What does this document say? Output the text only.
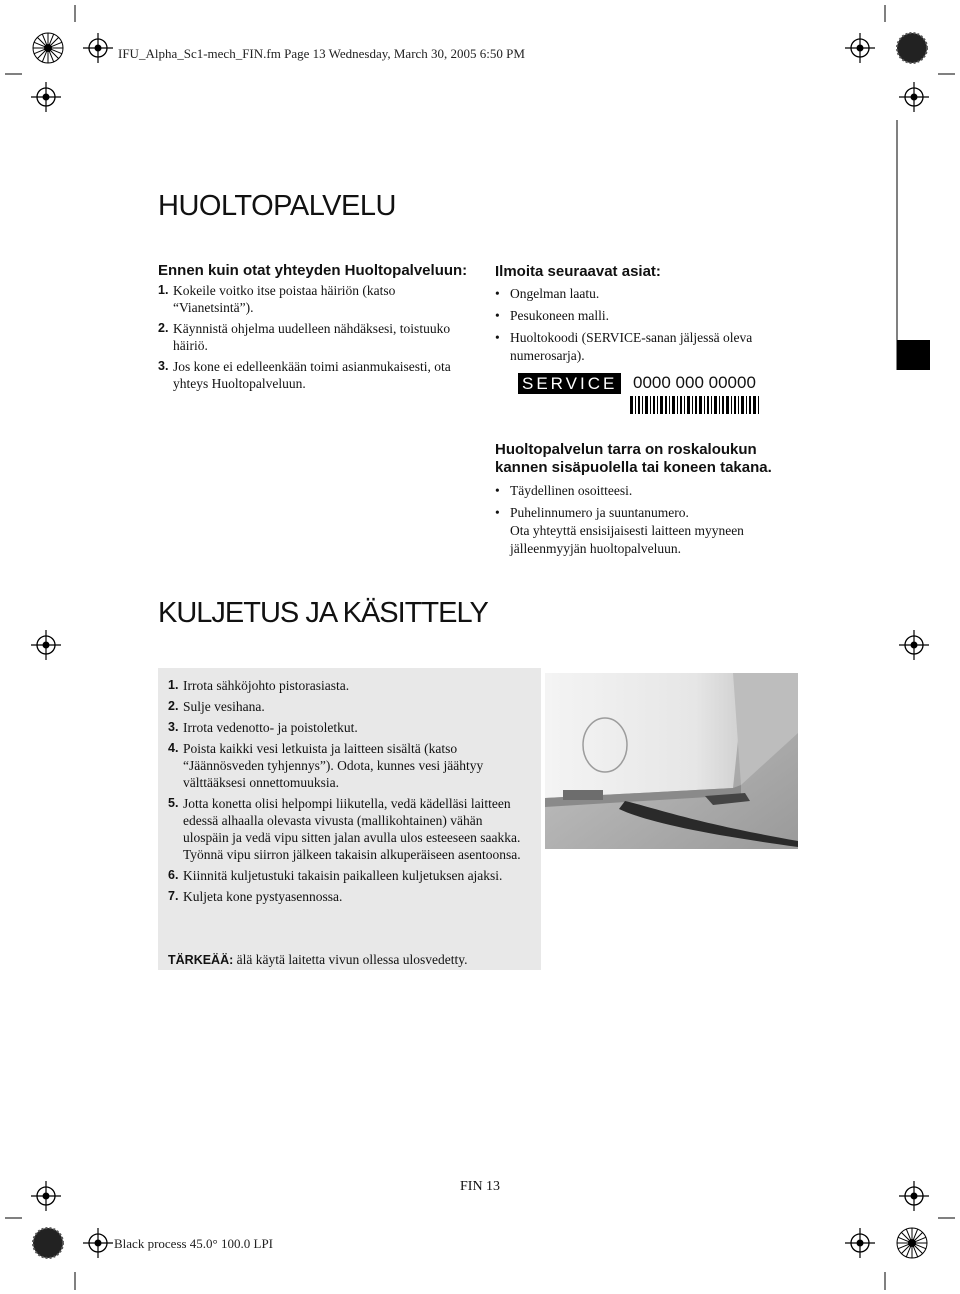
IFU_Alpha_Sc1-mech_FIN.fm Page 13 Wednesday, March 30, 2005 6:50 PM
HUOLTOPALVELU
Ennen kuin otat yhteyden Huoltopalveluun:
1. Kokeile voitko itse poistaa häiriön (katso “Vianetsintä”).
2. Käynnistä ohjelma uudelleen nähdäksesi, toistuuko häiriö.
3. Jos kone ei edelleenkään toimi asianmukaisesti, ota yhteys Huoltopalveluun.
Ilmoita seuraavat asiat:
• Ongelman laatu.
• Pesukoneen malli.
• Huoltokoodi (SERVICE-sanan jäljessä oleva numerosarja).
SERVICE 0000 000 00000
Huoltopalvelun tarra on roskaloukun kannen sisäpuolella tai koneen takana.
• Täydellinen osoitteesi.
• Puhelinnumero ja suuntanumero.
Ota yhteyttä ensisijaisesti laitteen myyneen jälleenmyyjän huoltopalveluun.
KULJETUS JA KÄSITTELY
1. Irrota sähköjohto pistorasiasta.
2. Sulje vesihana.
3. Irrota vedenotto- ja poistoletkut.
4. Poista kaikki vesi letkuista ja laitteen sisältä (katso “Jäännösveden tyhjennys”). Odota, kunnes vesi jäähtyy välttääksesi onnettomuuksia.
5. Jotta konetta olisi helpompi liikutella, vedä kädelläsi laitteen edessä alhaalla olevasta vivusta (mallikohtainen) vähän ulospäin ja vedä vipu sitten jalan avulla ulos esteeseen saakka. Työnnä vipu siirron jälkeen takaisin alkuperäiseen asentoonsa.
6. Kiinnitä kuljetustuki takaisin paikalleen kuljetuksen ajaksi.
7. Kuljeta kone pystyasennossa.
TÄRKEÄÄ: älä käytä laitetta vivun ollessa ulosvedetty.
FIN 13
Black process 45.0° 100.0 LPI
